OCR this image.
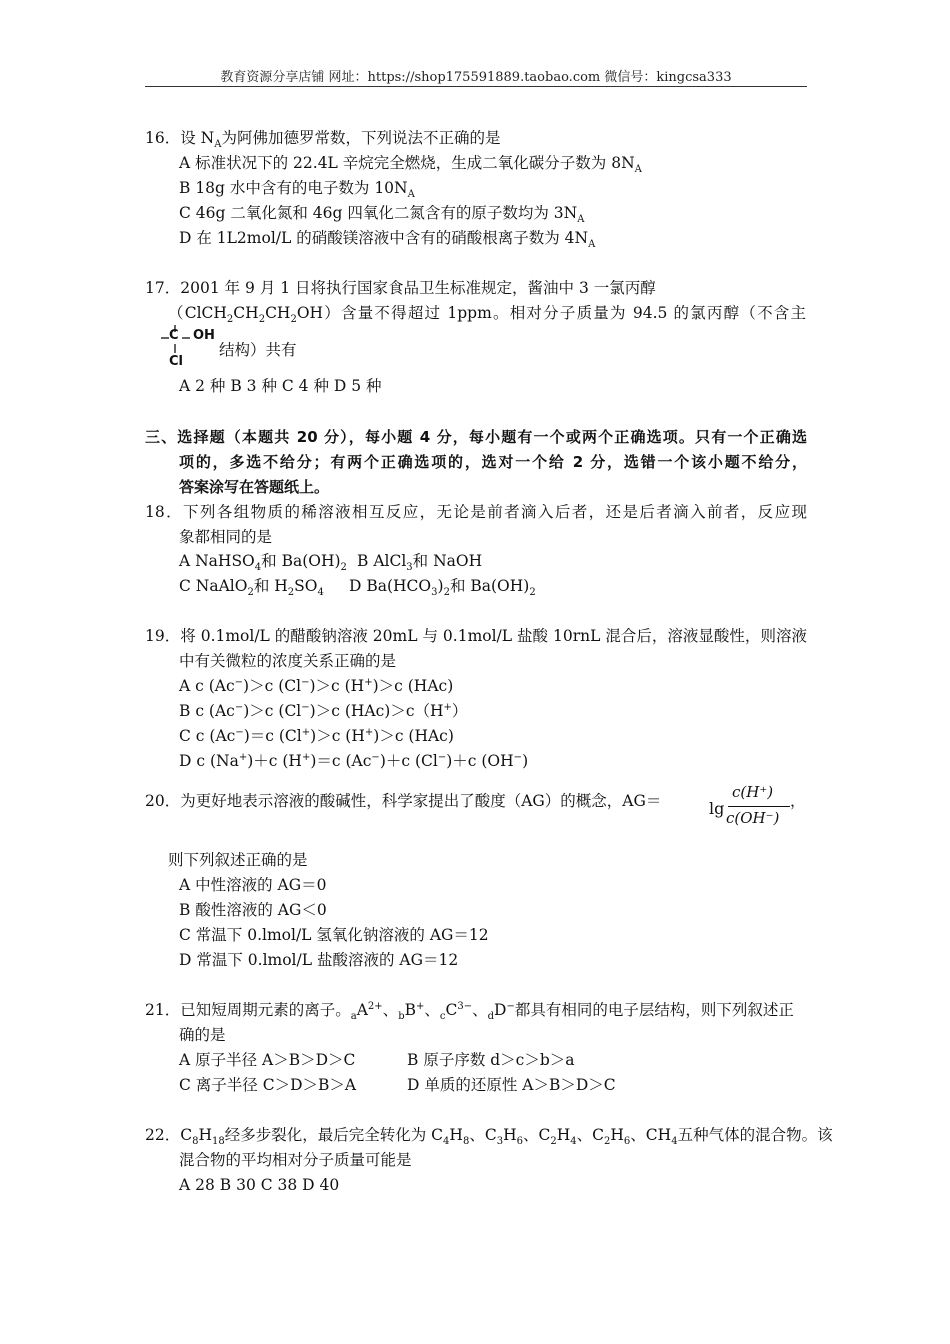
教育资源分享店铺 网址：https://shop175591889.taobao.com 微信号：kingcsa333
16．设 $N_A$为阿佛加德罗常数，下列说法不正确的是
A 标准状况下的 22.4L 辛烷完全燃烧，生成二氧化碳分子数为 $8N_A$
B 18g 水中含有的电子数为 $10N_A$
C 46g 二氧化氮和 46g 四氧化二氮含有的原子数均为 $3N_A$
D 在 1L2mol/L 的硝酸镁溶液中含有的硝酸根离子数为 $4N_A$
17．2001 年 9 月 1 日将执行国家食品卫生标准规定，酱油中 3 一氯丙醇
$(ClCH_2CH_2CH_2OH)$含量不得超过 1ppm。相对分子质量为 94.5 的氯丙醇（不含主
C OH
Cl
结构）共有
A 2 种 B 3 种 C 4 种 D 5 种
三、选择题（本题共 20 分），每小题 4 分，每小题有一个或两个正确选项。只有一个正确选
项的，多选不给分；有两个正确选项的，选对一个给 2 分，选错一个该小题不给分，
答案涂写在答题纸上。
18．下列各组物质的稀溶液相互反应，无论是前者滴入后者，还是后者滴入前者，反应现
象都相同的是
A NaHSO$_4$和 $Ba(OH)_2$ B AlCl$_3$和 NaOH
C NaAlO$_2$和 $H_2SO_4$ D $Ba(HCO_3)_2$和 $Ba(OH)_2$
19．将 0.1mol/L 的醋酸钠溶液 20mL 与 0.1mol/L 盐酸 10rnL 混合后，溶液显酸性，则溶液
中有关微粒的浓度关系正确的是
A c (Ac−)＞c (Cl−)＞c (H+)＞c (HAc)
B c (Ac−)＞c (Cl−)＞c (HAc)＞c（H+）
C c (Ac−)＝c (Cl+)＞c (H+)＞c (HAc)
D c (Na+)＋c (H+)＝c (Ac−)＋c (Cl−)＋c (OH−)
20．为更好地表示溶液的酸碱性，科学家提出了酸度（AG）的概念，AG＝	lg
c(H⁺)
c(OH⁻)
，
则下列叙述正确的是
A 中性溶液的 AG＝0
B 酸性溶液的 AG＜0
C 常温下 0.lmol/L 氢氧化钠溶液的 AG＝12
D 常温下 0.lmol/L 盐酸溶液的 AG＝12
21．已知短周期元素的离子。$_aA^{2+}$、$_b$B+、$_cC^{3-}$、$_d$D−都具有相同的电子层结构，则下列叙述正
确的是
A 原子半径 A＞B＞D＞C	B 原子序数 d＞c＞b＞a
C 离子半径 C＞D＞B＞A	D 单质的还原性 A＞B＞D＞C
22．$C_8H_{18}$经多步裂化，最后完全转化为 $C_4H_8$、$C_3H_6$、$C_2H_4$、$C_2H_6$、$CH_4$五种气体的混合物。该
混合物的平均相对分子质量可能是
A 28 B 30 C 38 D 40
